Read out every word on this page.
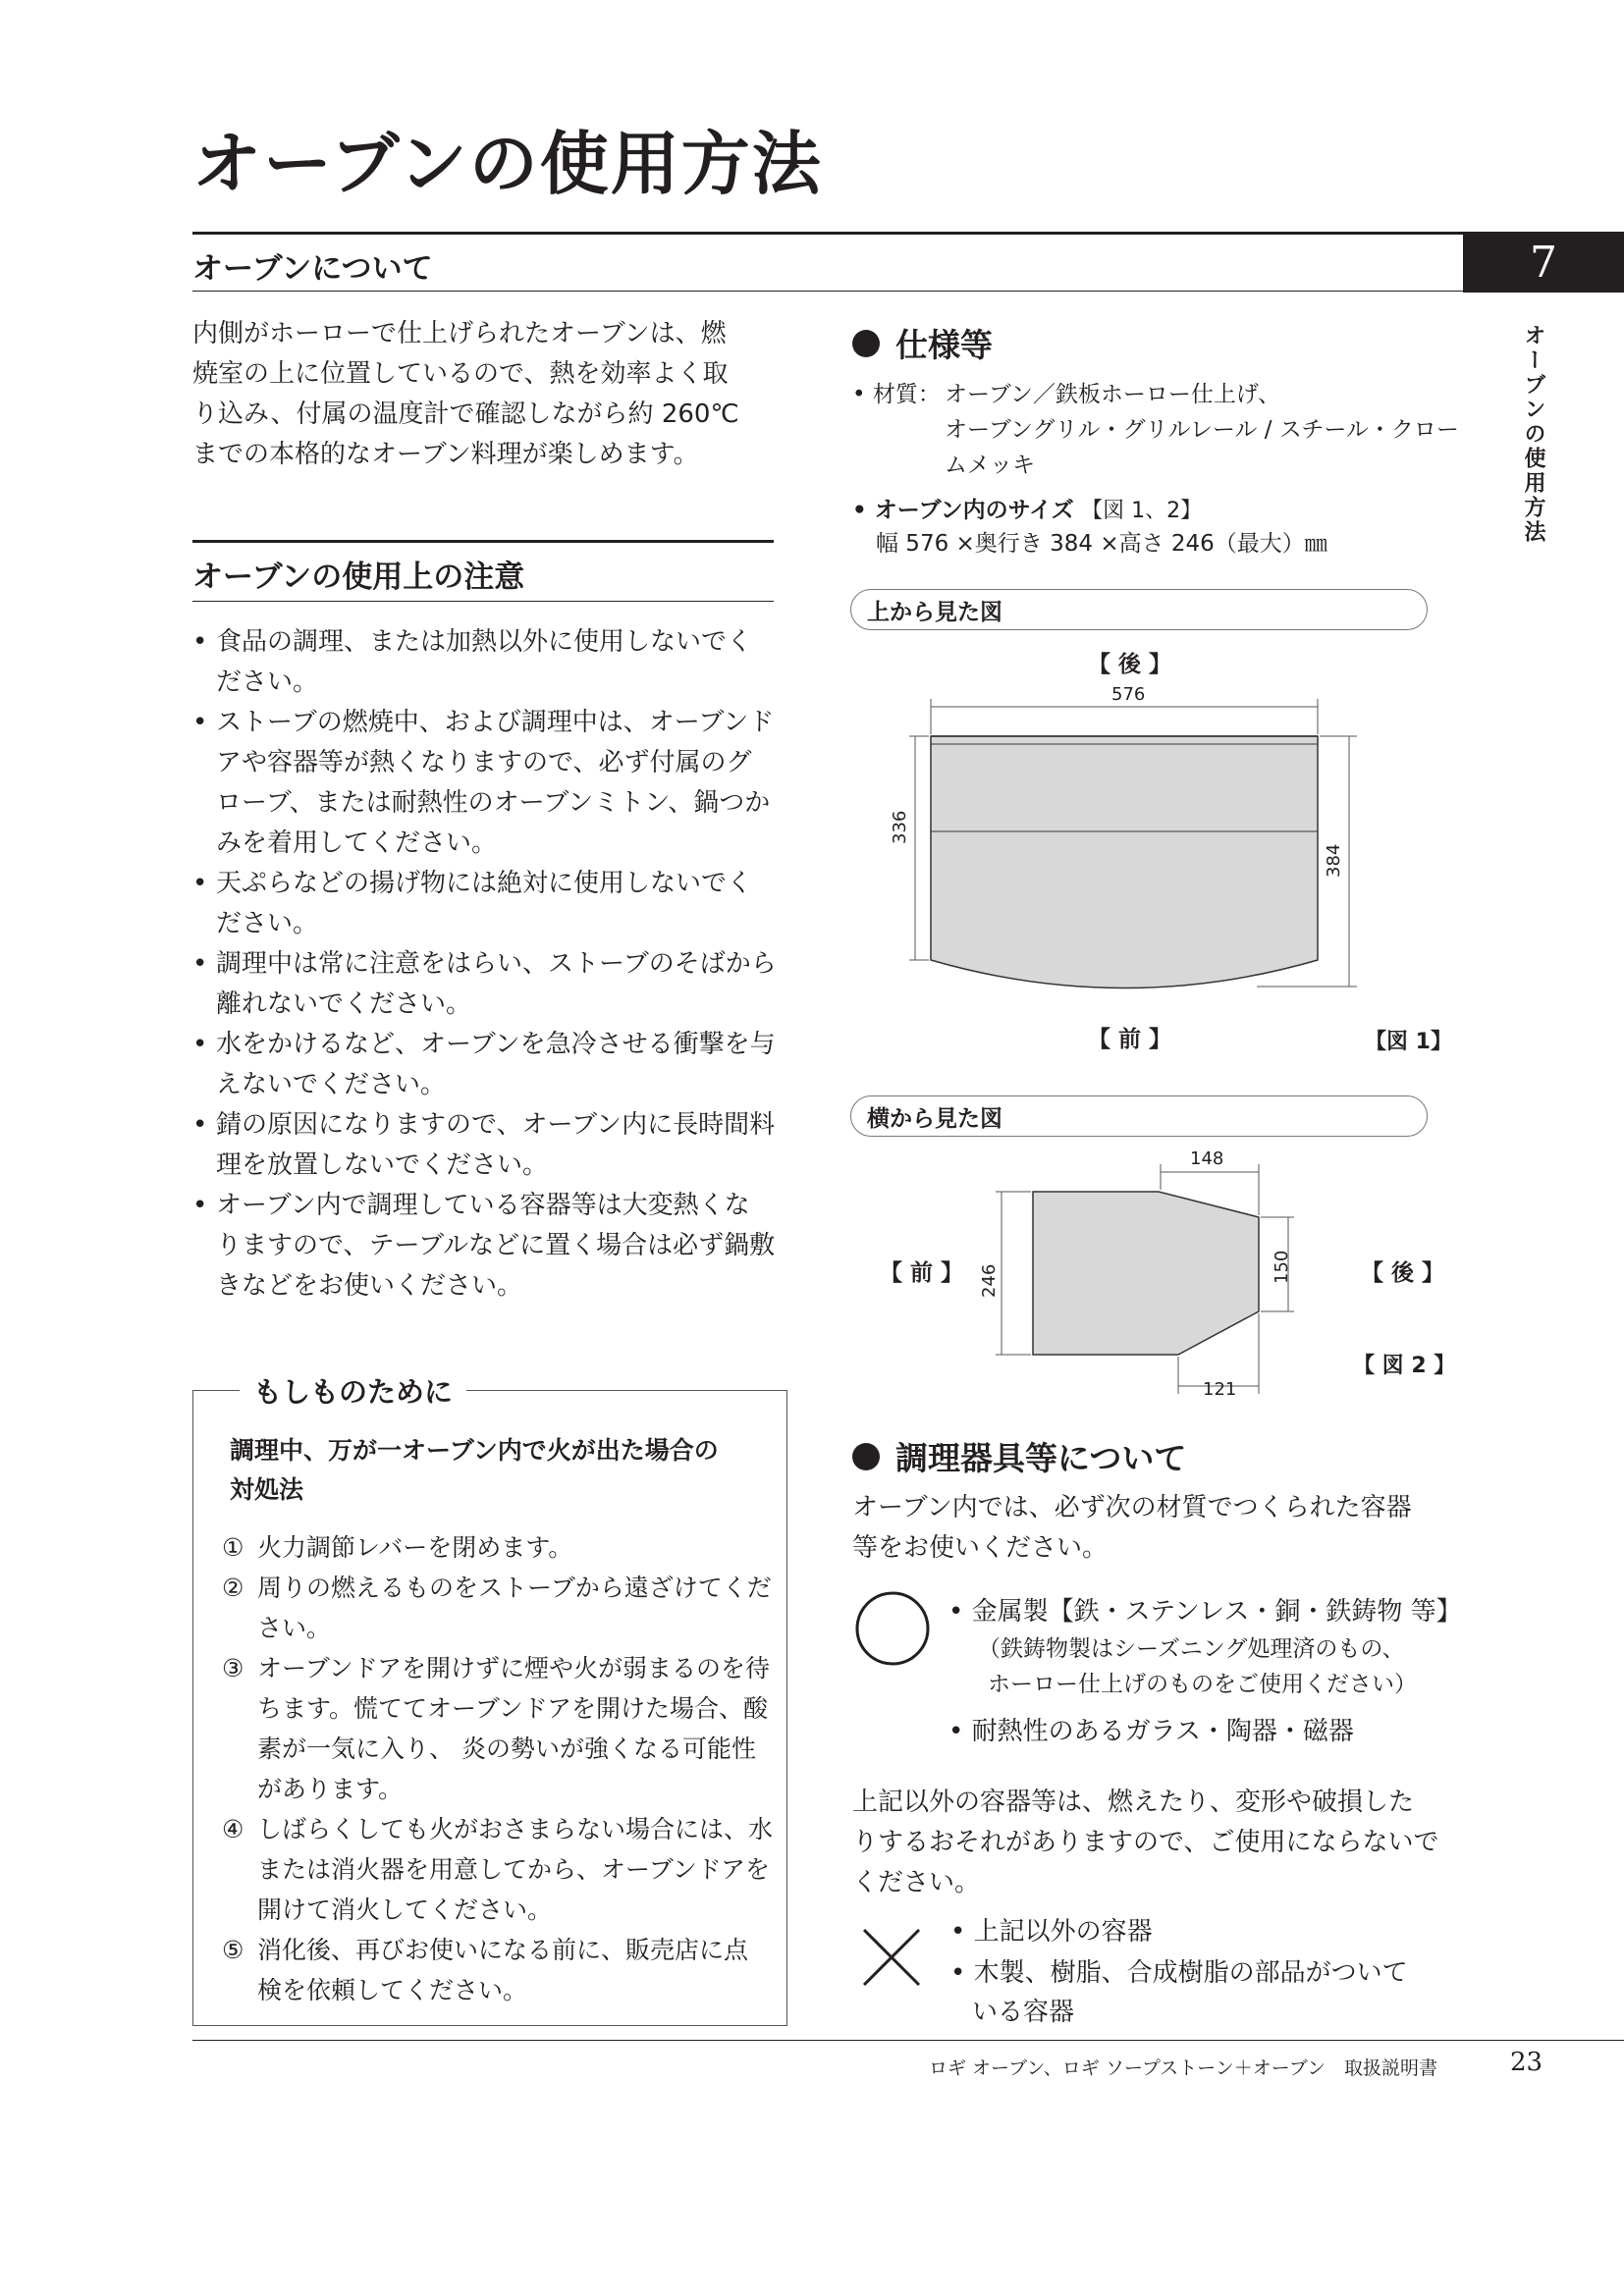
オーブンの使用方法
オーブンについて	7
オーブンの使用方法
内側がホーローで仕上げられたオーブンは、燃
焼室の上に位置しているので、熱を効率よく取
り込み、付属の温度計で確認しながら約 260℃
までの本格的なオーブン料理が楽しめます。
オーブンの使用上の注意
• 食品の調理、または加熱以外に使用しないでく
ださい。
• ストーブの燃焼中、および調理中は、オーブンド
アや容器等が熱くなりますので、必ず付属のグ
ローブ、または耐熱性のオーブンミトン、鍋つか
みを着用してください。
• 天ぷらなどの揚げ物には絶対に使用しないでく
ださい。
• 調理中は常に注意をはらい、ストーブのそばから
離れないでください。
• 水をかけるなど、オーブンを急冷させる衝撃を与
えないでください。
• 錆の原因になりますので、オーブン内に長時間料
理を放置しないでください。
• オーブン内で調理している容器等は大変熱くな
りますので、テーブルなどに置く場合は必ず鍋敷
きなどをお使いください。
もしものために
調理中、万が一オーブン内で火が出た場合の
対処法
① 火力調節レバーを閉めます。
② 周りの燃えるものをストーブから遠ざけてくだ
さい。
③ オーブンドアを開けずに煙や火が弱まるのを待
ちます。慌ててオーブンドアを開けた場合、酸
素が一気に入り、 炎の勢いが強くなる可能性
があります。
④ しばらくしても火がおさまらない場合には、水
または消火器を用意してから、オーブンドアを
開けて消火してください。
⑤ 消化後、再びお使いになる前に、販売店に点
検を依頼してください。
仕様等
• 材質： オーブン／鉄板ホーロー仕上げ、
オーブングリル・グリルレール / スチール・クロー
ムメッキ
• オーブン内のサイズ 【図 1、2】
幅 576 ×奥行き 384 ×高さ 246（最大）㎜
上から見た図
【 後 】
【 前 】	【図 1】
576
336
384
横から見た図
【 前 】	【 後 】
【 図 2 】
148
246	150
121
調理器具等について
オーブン内では、必ず次の材質でつくられた容器
等をお使いください。
• 金属製【鉄・ステンレス・銅・鉄鋳物 等】
（鉄鋳物製はシーズニング処理済のもの、
ホーロー仕上げのものをご使用ください）
• 耐熱性のあるガラス・陶器・磁器
上記以外の容器等は、燃えたり、変形や破損した
りするおそれがありますので、ご使用にならないで
ください。
• 上記以外の容器
• 木製、樹脂、合成樹脂の部品がついて
いる容器
ロギ オーブン、ロギ ソープストーン＋オーブン　取扱説明書	23
